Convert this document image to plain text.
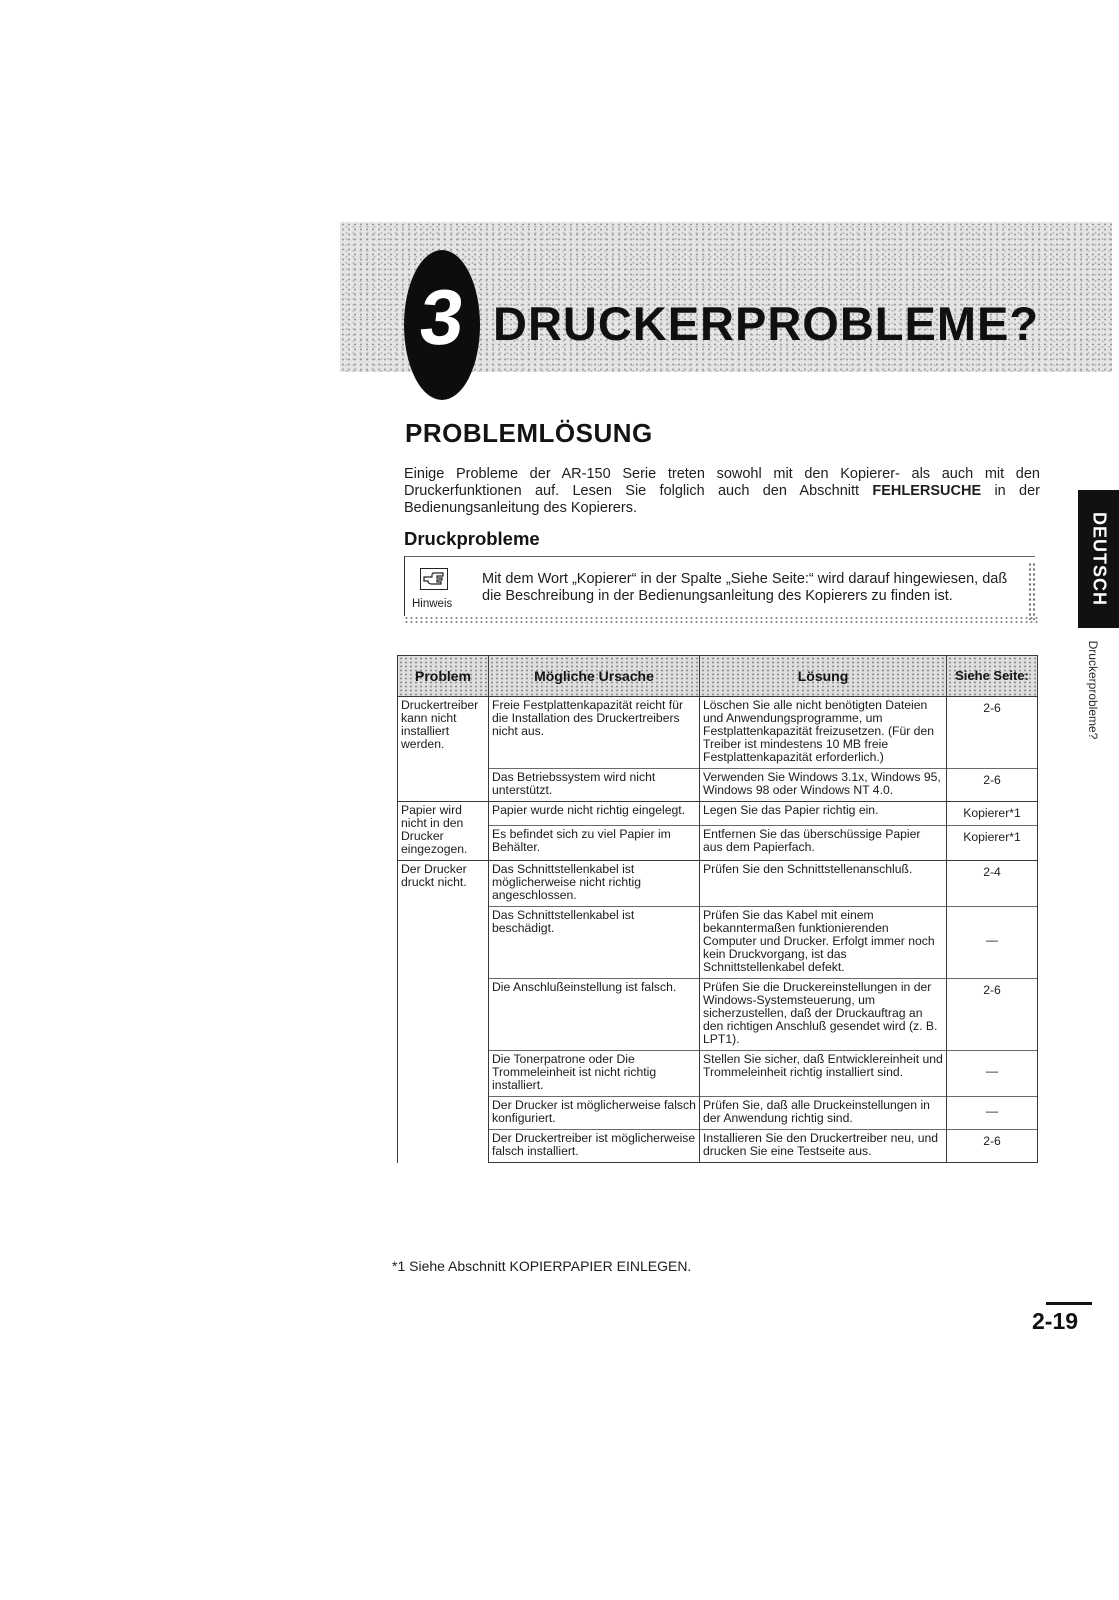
3 DRUCKERPROBLEME?
DEUTSCH
Druckerprobleme?
PROBLEMLÖSUNG
Einige Probleme der AR-150 Serie treten sowohl mit den Kopierer- als auch mit den Druckerfunktionen auf. Lesen Sie folglich auch den Abschnitt FEHLERSUCHE in der Bedienungsanleitung des Kopierers.
Druckprobleme
Hinweis
Mit dem Wort „Kopierer“ in der Spalte „Siehe Seite:“ wird darauf hingewiesen, daß die Beschreibung in der Bedienungsanleitung des Kopierers zu finden ist.
Problem	Mögliche Ursache	Lösung	Siehe Seite:
Druckertreiber kann nicht installiert werden.	Freie Festplattenkapazität reicht für die Installation des Druckertreibers nicht aus.	Löschen Sie alle nicht benötigten Dateien und Anwendungsprogramme, um Festplattenkapazität freizusetzen. (Für den Treiber ist mindestens 10 MB freie Festplattenkapazität erforderlich.)	2-6
	Das Betriebssystem wird nicht unterstützt.	Verwenden Sie Windows 3.1x, Windows 95, Windows 98 oder Windows NT 4.0.	2-6
Papier wird nicht in den Drucker eingezogen.	Papier wurde nicht richtig eingelegt.	Legen Sie das Papier richtig ein.	Kopierer*1
	Es befindet sich zu viel Papier im Behälter.	Entfernen Sie das überschüssige Papier aus dem Papierfach.	Kopierer*1
Der Drucker druckt nicht.	Das Schnittstellenkabel ist möglicherweise nicht richtig angeschlossen.	Prüfen Sie den Schnittstellenanschluß.	2-4
	Das Schnittstellenkabel ist beschädigt.	Prüfen Sie das Kabel mit einem bekanntermaßen funktionierenden Computer und Drucker. Erfolgt immer noch kein Druckvorgang, ist das Schnittstellenkabel defekt.	—
	Die Anschlußeinstellung ist falsch.	Prüfen Sie die Druckereinstellungen in der Windows-Systemsteuerung, um sicherzustellen, daß der Druckauftrag an den richtigen Anschluß gesendet wird (z. B. LPT1).	2-6
	Die Tonerpatrone oder Die Trommeleinheit ist nicht richtig installiert.	Stellen Sie sicher, daß Entwicklereinheit und Trommeleinheit richtig installiert sind.	—
	Der Drucker ist möglicherweise falsch konfiguriert.	Prüfen Sie, daß alle Druckeinstellungen in der Anwendung richtig sind.	—
	Der Druckertreiber ist möglicherweise falsch installiert.	Installieren Sie den Druckertreiber neu, und drucken Sie eine Testseite aus.	2-6
*1 Siehe Abschnitt KOPIERPAPIER EINLEGEN.
2-19
